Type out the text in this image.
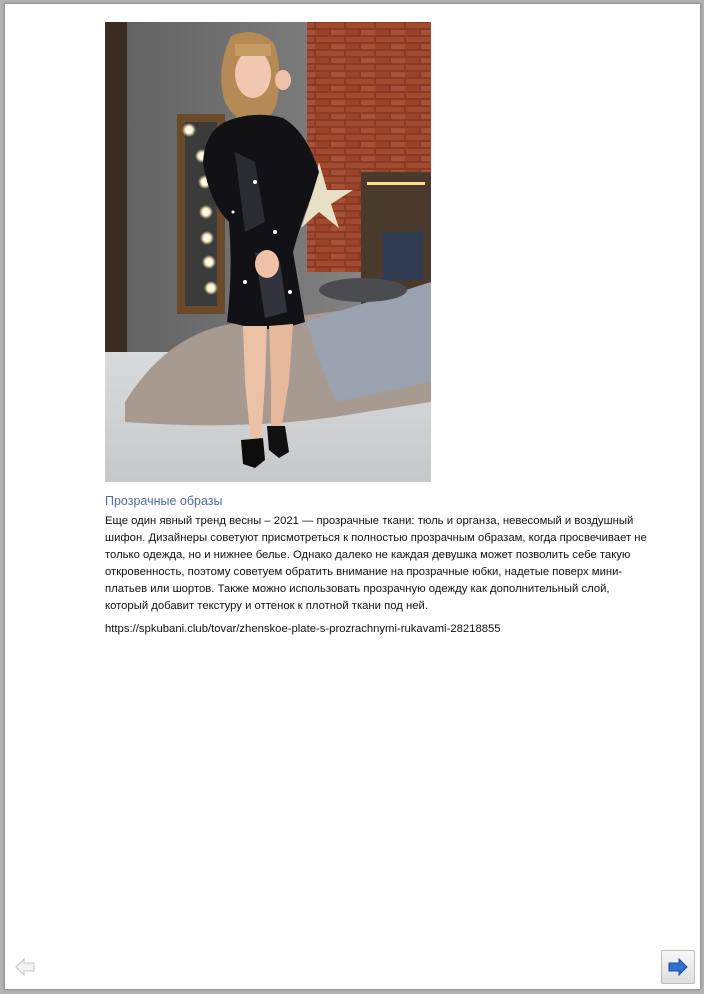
Прозрачные образы
Еще один явный тренд весны – 2021 — прозрачные ткани: тюль и органза, невесомый и воздушный шифон. Дизайнеры советуют присмотреться к полностью прозрачным образам, когда просвечивает не только одежда, но и нижнее белье. Однако далеко не каждая девушка может позволить себе такую откровенность, поэтому советуем обратить внимание на прозрачные юбки, надетые поверх мини-платьев или шортов. Также можно использовать прозрачную одежду как дополнительный слой, который добавит текстуру и оттенок к плотной ткани под ней.
https://spkubani.club/tovar/zhenskoe-plate-s-prozrachnymi-rukavami-28218855
